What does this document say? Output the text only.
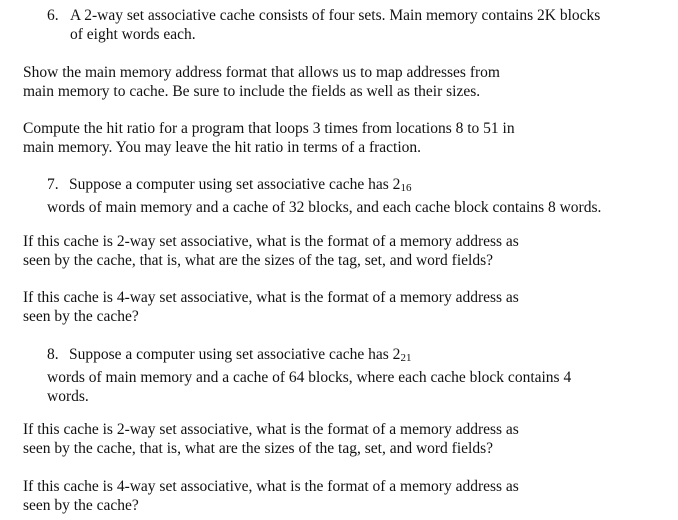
6. A 2-way set associative cache consists of four sets. Main memory contains 2K blocks
of eight words each.

Show the main memory address format that allows us to map addresses from
main memory to cache. Be sure to include the fields as well as their sizes.

Compute the hit ratio for a program that loops 3 times from locations 8 to 51 in
main memory. You may leave the hit ratio in terms of a fraction.

7. Suppose a computer using set associative cache has 216
words of main memory and a cache of 32 blocks, and each cache block contains 8 words.

If this cache is 2-way set associative, what is the format of a memory address as
seen by the cache, that is, what are the sizes of the tag, set, and word fields?

If this cache is 4-way set associative, what is the format of a memory address as
seen by the cache?

8. Suppose a computer using set associative cache has 221
words of main memory and a cache of 64 blocks, where each cache block contains 4
words.

If this cache is 2-way set associative, what is the format of a memory address as
seen by the cache, that is, what are the sizes of the tag, set, and word fields?

If this cache is 4-way set associative, what is the format of a memory address as
seen by the cache?
